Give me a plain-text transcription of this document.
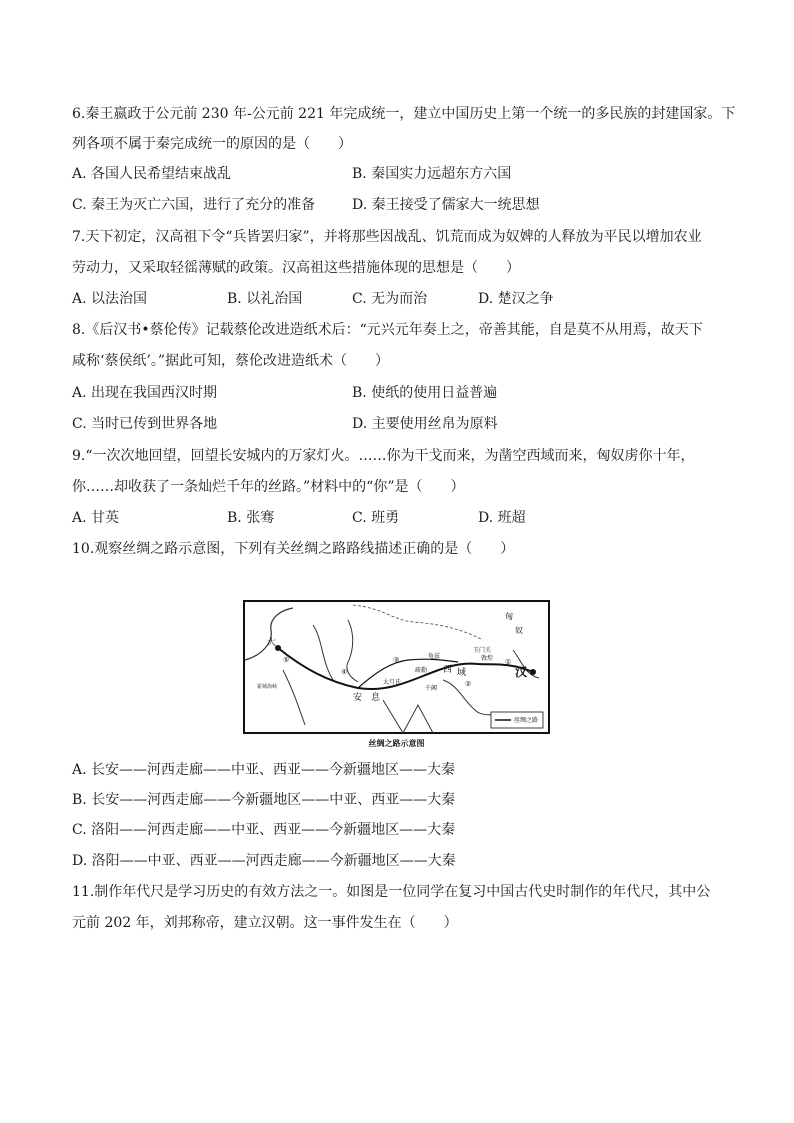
6.秦王嬴政于公元前 230 年-公元前 221 年完成统一，建立中国历史上第一个统一的多民族的封建国家。下
列各项不属于秦完成统一的原因的是（　　）
A. 各国人民希望结束战乱	B. 秦国实力远超东方六国
C. 秦王为灭亡六国，进行了充分的准备	D. 秦王接受了儒家大一统思想
7.天下初定，汉高祖下令“兵皆罢归家”，并将那些因战乱、饥荒而成为奴婢的人释放为平民以增加农业
劳动力，又采取轻徭薄赋的政策。汉高祖这些措施体现的思想是（　　）
A. 以法治国	B. 以礼治国	C. 无为而治	D. 楚汉之争
8.《后汉书•蔡伦传》记载蔡伦改进造纸术后：“元兴元年奏上之，帝善其能，自是莫不从用焉，故天下
咸称‘蔡侯纸’。”据此可知，蔡伦改进造纸术（　　）
A. 出现在我国西汉时期	B. 使纸的使用日益普遍
C. 当时已传到世界各地	D. 主要使用丝帛为原料
9.“一次次地回望，回望长安城内的万家灯火。……你为干戈而来，为凿空西域而来，匈奴虏你十年，
你……却收获了一条灿烂千年的丝路。”材料中的“你”是（　　）
A. 甘英	B. 张骞	C. 班勇	D. 班超
10.观察丝绸之路示意图，下列有关丝绸之路路线描述正确的是（　　）
匈
奴
安　息
大
汉
敦煌
龟兹
疏勒
大月氏
玉门关
千阗
西 域
霍城海峡
⑤
④
③
②
①
丝绸之路
丝绸之路示意图
A. 长安——河西走廊——中亚、西亚——今新疆地区——大秦
B. 长安——河西走廊——今新疆地区——中亚、西亚——大秦
C. 洛阳——河西走廊——中亚、西亚——今新疆地区——大秦
D. 洛阳——中亚、西亚——河西走廊——今新疆地区——大秦
11.制作年代尺是学习历史的有效方法之一。如图是一位同学在复习中国古代史时制作的年代尺，其中公
元前 202 年，刘邦称帝，建立汉朝。这一事件发生在（　　）
